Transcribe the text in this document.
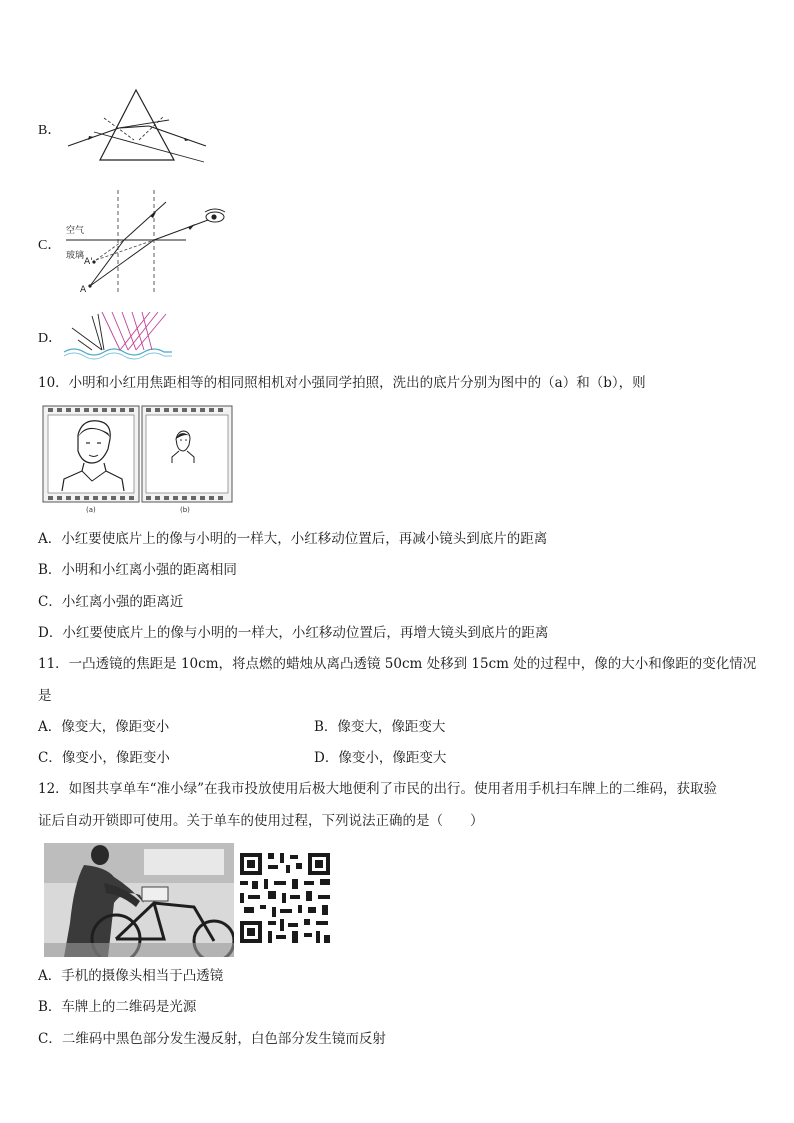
B．
C．
空气
玻璃
A
A'
D．
10．小明和小红用焦距相等的相同照相机对小强同学拍照，洗出的底片分别为图中的（a）和（b），则
(a)	(b)
A．小红要使底片上的像与小明的一样大，小红移动位置后，再减小镜头到底片的距离
B．小明和小红离小强的距离相同
C．小红离小强的距离近
D．小红要使底片上的像与小明的一样大，小红移动位置后，再增大镜头到底片的距离
11．一凸透镜的焦距是 10cm，将点燃的蜡烛从离凸透镜 50cm 处移到 15cm 处的过程中，像的大小和像距的变化情况
是
A．像变大，像距变小	B．像变大，像距变大
C．像变小，像距变小	D．像变小，像距变大
12．如图共享单车“准小绿”在我市投放使用后极大地便利了市民的出行。使用者用手机扫车牌上的二维码，获取验
证后自动开锁即可使用。关于单车的使用过程，下列说法正确的是（　　）
A．手机的摄像头相当于凸透镜
B．车牌上的二维码是光源
C．二维码中黑色部分发生漫反射，白色部分发生镜而反射
